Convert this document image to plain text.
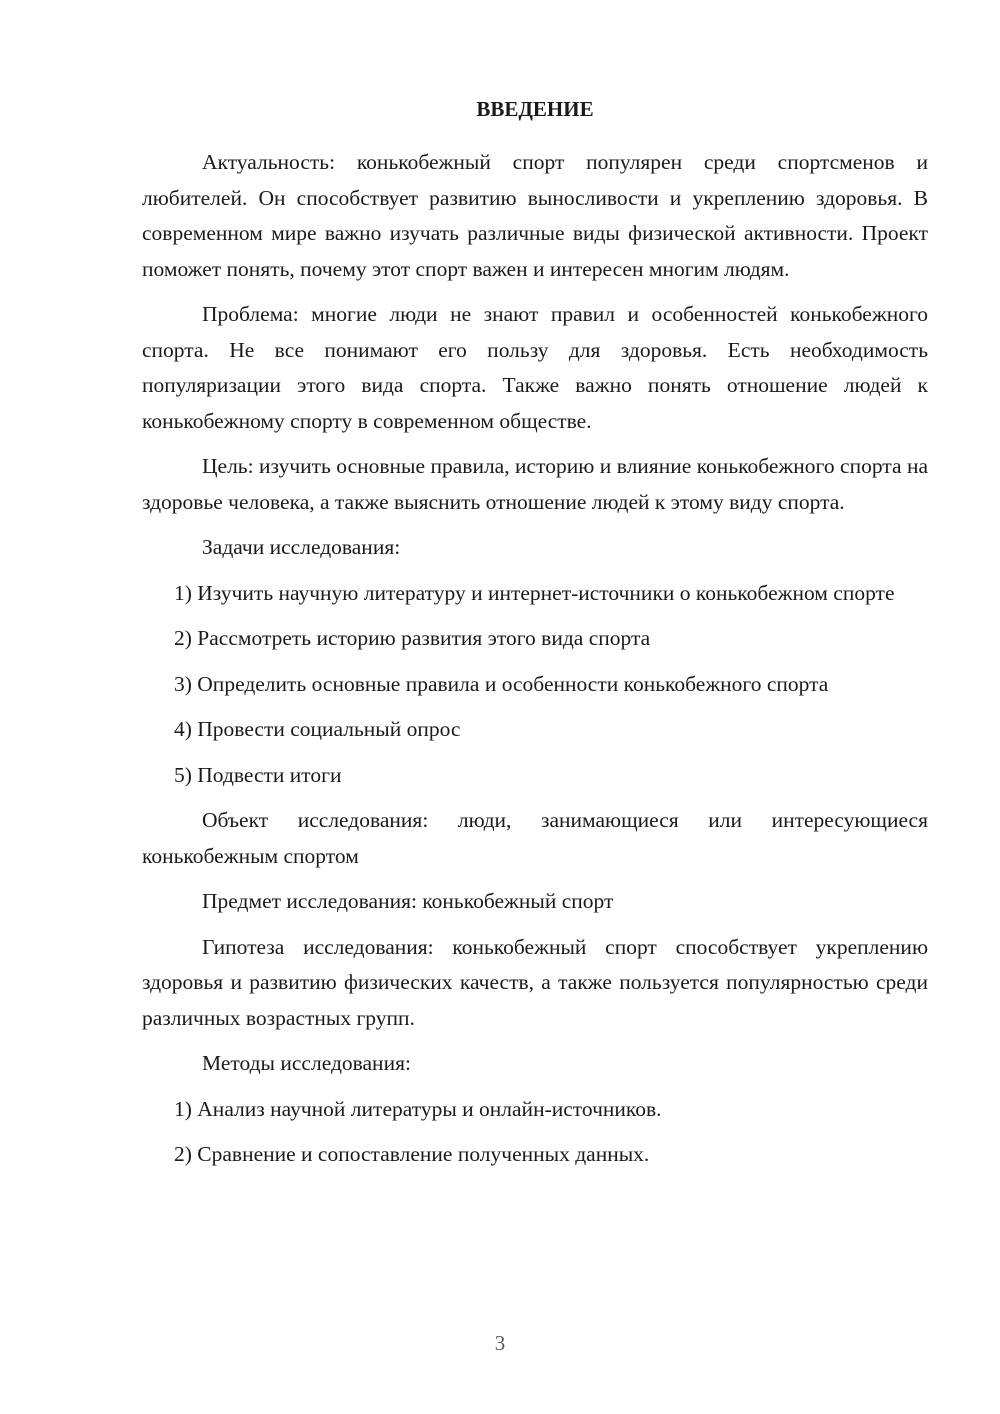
ВВЕДЕНИЕ
Актуальность: конькобежный спорт популярен среди спортсменов и любителей. Он способствует развитию выносливости и укреплению здоровья. В современном мире важно изучать различные виды физической активности. Проект поможет понять, почему этот спорт важен и интересен многим людям.
Проблема: многие люди не знают правил и особенностей конькобежного спорта. Не все понимают его пользу для здоровья. Есть необходимость популяризации этого вида спорта. Также важно понять отношение людей к конькобежному спорту в современном обществе.
Цель: изучить основные правила, историю и влияние конькобежного спорта на здоровье человека, а также выяснить отношение людей к этому виду спорта.
Задачи исследования:
1) Изучить научную литературу и интернет-источники о конькобежном спорте
2) Рассмотреть историю развития этого вида спорта
3) Определить основные правила и особенности конькобежного спорта
4) Провести социальный опрос
5) Подвести итоги
Объект исследования: люди, занимающиеся или интересующиеся конькобежным спортом
Предмет исследования: конькобежный спорт
Гипотеза исследования: конькобежный спорт способствует укреплению здоровья и развитию физических качеств, а также пользуется популярностью среди различных возрастных групп.
Методы исследования:
1) Анализ научной литературы и онлайн-источников.
2) Сравнение и сопоставление полученных данных.
3
